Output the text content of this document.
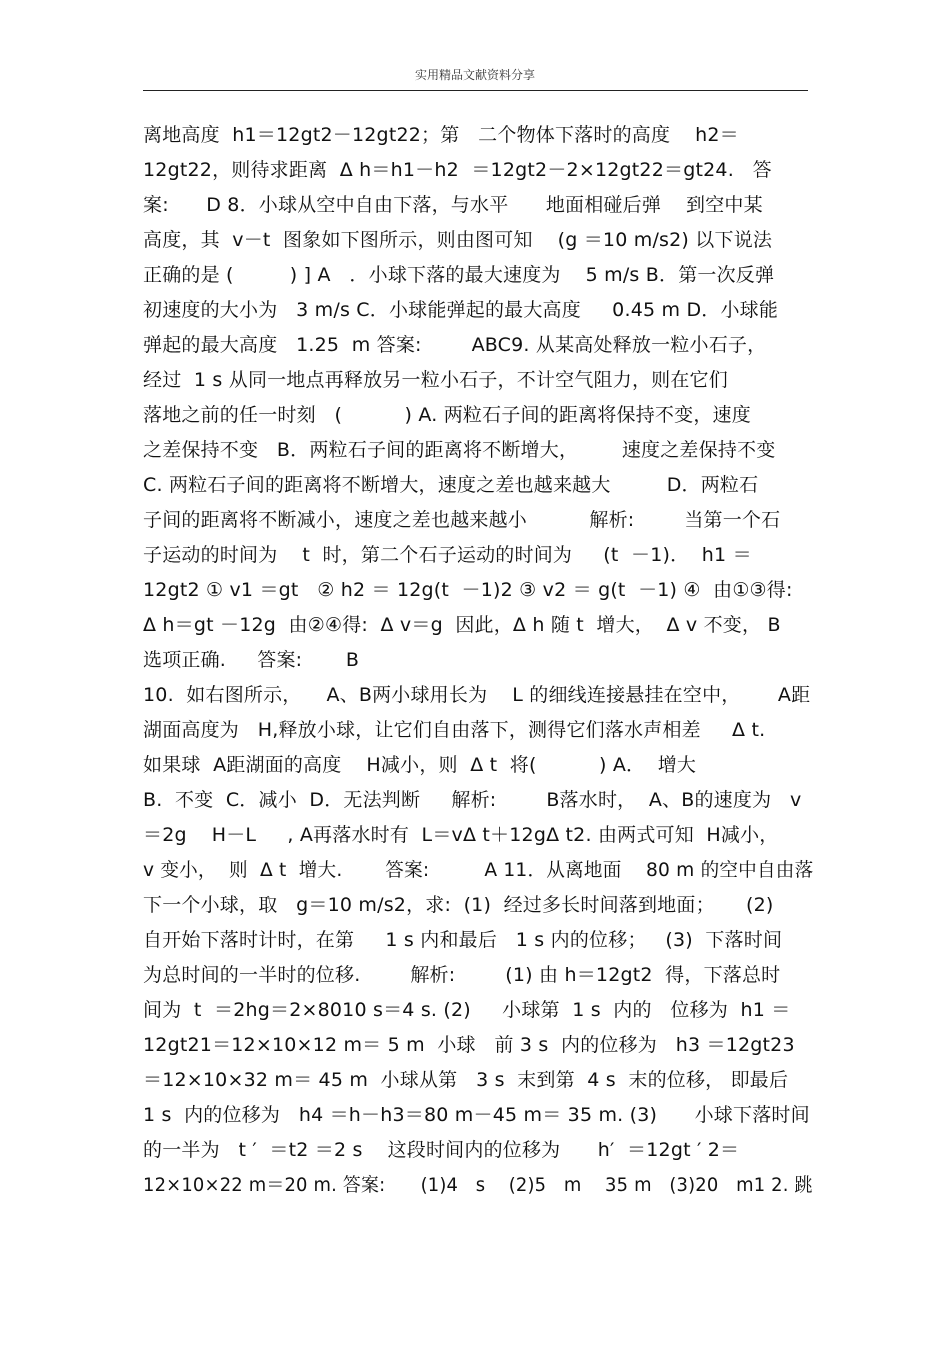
实用精品文献资料分享
离地高度  h1＝12gt2－12gt22；第   二个物体下落时的高度    h2＝
12gt22，则待求距离  Δ h＝h1－h2  ＝12gt2－2×12gt22＝gt24.   答
案:      D 8．小球从空中自由下落，与水平      地面相碰后弹    到空中某
高度，其  v－t  图象如下图所示，则由图可知    (g ＝10 m/s2) 以下说法
正确的是 (         ) ] A   ．小球下落的最大速度为    5 m/s B．第一次反弹
初速度的大小为   3 m/s C．小球能弹起的最大高度     0.45 m D．小球能
弹起的最大高度   1.25  m 答案:        ABC9. 从某高处释放一粒小石子，
经过  1 s 从同一地点再释放另一粒小石子，不计空气阻力，则在它们
落地之前的任一时刻   (          ) A. 两粒石子间的距离将保持不变，速度
之差保持不变   B．两粒石子间的距离将不断增大，       速度之差保持不变
C. 两粒石子间的距离将不断增大，速度之差也越来越大         D．两粒石
子间的距离将不断减小，速度之差也越来越小          解析:        当第一个石
子运动的时间为    t  时，第二个石子运动的时间为     (t  －1)．  h1 ＝
12gt2 ① v1 ＝gt   ② h2 ＝ 12g(t  －1)2 ③ v2 ＝ g(t  －1) ④  由①③得:
Δ h＝gt －12g  由②④得:  Δ v＝g  因此，Δ h 随 t  增大，  Δ v 不变， B
选项正确.     答案:       B
10.  如右图所示，    A、B两小球用长为    L 的细线连接悬挂在空中，      A距
湖面高度为   H,释放小球，让它们自由落下，测得它们落水声相差     Δ t.
如果球  A距湖面的高度    H减小，则  Δ t  将(          ) A．  增大
B.  不变  C．减小  D．无法判断     解析:        B落水时，  A、B的速度为   v
＝2g    H－L     , A再落水时有  L＝vΔ t＋12gΔ t2. 由两式可知  H减小，
v 变小，  则  Δ t  增大.       答案:         A 11．从离地面    80 m 的空中自由落
下一个小球，取   g＝10 m/s2，求:  (1)  经过多长时间落到地面；     (2)
自开始下落时计时，在第     1 s 内和最后   1 s 内的位移；   (3)  下落时间
为总时间的一半时的位移.        解析:        (1) 由 h＝12gt2  得，下落总时
间为  t  ＝2hg＝2×8010 s＝4 s. (2)     小球第  1 s  内的   位移为  h1 ＝
12gt21＝12×10×12 m＝ 5 m  小球   前 3 s  内的位移为   h3 ＝12gt23
＝12×10×32 m＝ 45 m  小球从第   3 s  末到第  4 s  末的位移， 即最后
1 s  内的位移为   h4 ＝h－h3＝80 m－45 m＝ 35 m. (3)      小球下落时间
的一半为   t ′  ＝t2 ＝2 s    这段时间内的位移为      h′  ＝12gt ′ 2＝
12×10×22 m＝20 m. 答案:      (1)4   s    (2)5   m    35 m   (3)20   m1 2. 跳
